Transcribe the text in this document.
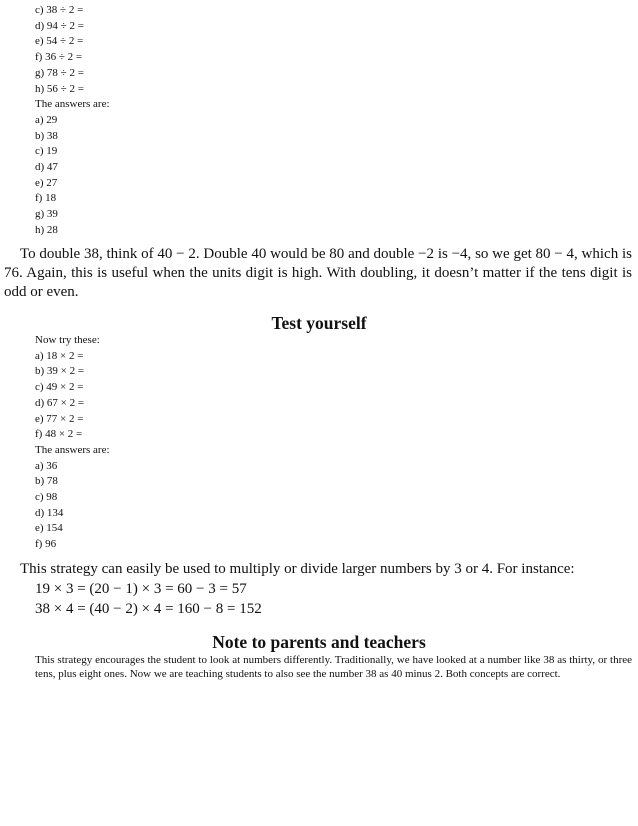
c) 38 ÷ 2 =
d) 94 ÷ 2 =
e) 54 ÷ 2 =
f) 36 ÷ 2 =
g) 78 ÷ 2 =
h) 56 ÷ 2 =
The answers are:
a) 29
b) 38
c) 19
d) 47
e) 27
f) 18
g) 39
h) 28

To double 38, think of 40 − 2. Double 40 would be 80 and double −2 is −4, so we get 80 − 4, which is 76. Again, this is useful when the units digit is high. With doubling, it doesn’t matter if the tens digit is odd or even.

Test yourself
Now try these:
a) 18 × 2 =
b) 39 × 2 =
c) 49 × 2 =
d) 67 × 2 =
e) 77 × 2 =
f) 48 × 2 =
The answers are:
a) 36
b) 78
c) 98
d) 134
e) 154
f) 96

This strategy can easily be used to multiply or divide larger numbers by 3 or 4. For instance:

19 × 3 = (20 − 1) × 3 = 60 − 3 = 57

38 × 4 = (40 − 2) × 4 = 160 − 8 = 152

Note to parents and teachers

This strategy encourages the student to look at numbers differently. Traditionally, we have looked at a number like 38 as thirty, or three tens, plus eight ones. Now we are teaching students to also see the number 38 as 40 minus 2. Both concepts are correct.
